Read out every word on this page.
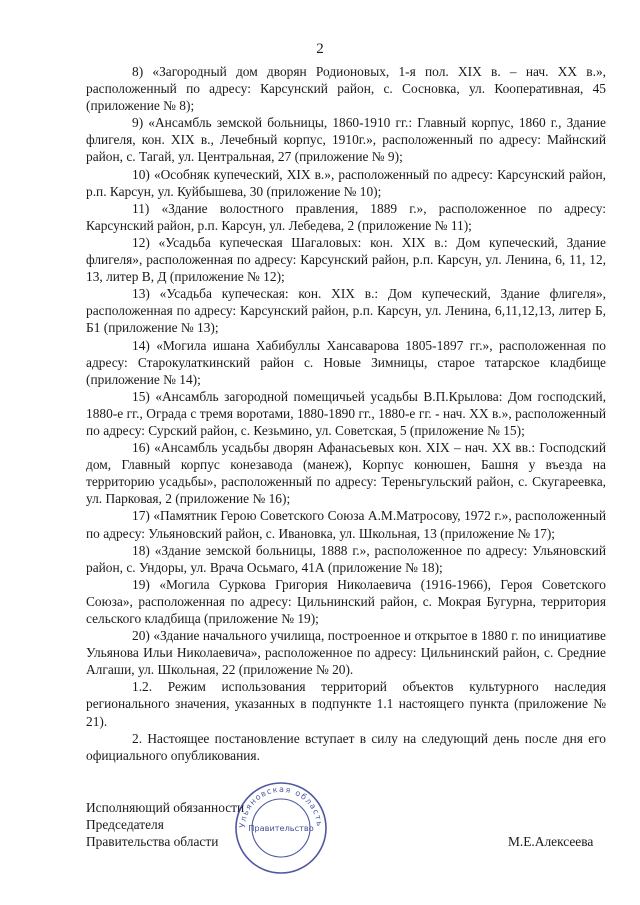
2

8) «Загородный дом дворян Родионовых, 1-я пол. XIX в. – нач. XX в.», расположенный по адресу: Карсунский район, с. Сосновка, ул. Кооперативная, 45 (приложение № 8);

9) «Ансамбль земской больницы, 1860-1910 гг.: Главный корпус, 1860 г., Здание флигеля, кон. XIX в., Лечебный корпус, 1910г.», расположенный по адресу: Майнский район, с. Тагай, ул. Центральная, 27 (приложение № 9);

10) «Особняк купеческий, XIX в.», расположенный по адресу: Карсунский район, р.п. Карсун, ул. Куйбышева, 30 (приложение № 10);

11) «Здание волостного правления, 1889 г.», расположенное по адресу: Карсунский район, р.п. Карсун, ул. Лебедева, 2 (приложение № 11);

12) «Усадьба купеческая Шагаловых: кон. XIX в.: Дом купеческий, Здание флигеля», расположенная по адресу: Карсунский район, р.п. Карсун, ул. Ленина, 6, 11, 12, 13, литер В, Д (приложение № 12);

13) «Усадьба купеческая: кон. XIX в.: Дом купеческий, Здание флигеля», расположенная по адресу: Карсунский район, р.п. Карсун, ул. Ленина, 6,11,12,13, литер Б, Б1 (приложение № 13);

14) «Могила ишана Хабибуллы Хансаварова 1805-1897 гг.», расположенная по адресу: Старокулаткинский район с. Новые Зимницы, старое татарское кладбище (приложение № 14);

15) «Ансамбль загородной помещичьей усадьбы В.П.Крылова: Дом господский, 1880-е гг., Ограда с тремя воротами, 1880-1890 гг., 1880-е гг. - нач. XX в.», расположенный по адресу: Сурский район, с. Кезьмино, ул. Советская, 5 (приложение № 15);

16) «Ансамбль усадьбы дворян Афанасьевых кон. XIX – нач. XX вв.: Господский дом, Главный корпус конезавода (манеж), Корпус конюшен, Башня у въезда на территорию усадьбы», расположенный по адресу: Тереньгульский район, с. Скугареевка, ул. Парковая, 2 (приложение № 16);

17) «Памятник Герою Советского Союза А.М.Матросову, 1972 г.», расположенный по адресу: Ульяновский район, с. Ивановка, ул. Школьная, 13 (приложение № 17);

18) «Здание земской больницы, 1888 г.», расположенное по адресу: Ульяновский район, с. Ундоры, ул. Врача Осьмаго, 41А (приложение № 18);

19) «Могила Суркова Григория Николаевича (1916-1966), Героя Советского Союза», расположенная по адресу: Цильнинский район, с. Мокрая Бугурна, территория сельского кладбища (приложение № 19);

20) «Здание начального училища, построенное и открытое в 1880 г. по инициативе Ульянова Ильи Николаевича», расположенное по адресу: Цильнинский район, с. Средние Алгаши, ул. Школьная, 22 (приложение № 20).

1.2. Режим использования территорий объектов культурного наследия регионального значения, указанных в подпункте 1.1 настоящего пункта (приложение № 21).

2. Настоящее постановление вступает в силу на следующий день после дня его официального опубликования.

Исполняющий обязанности
Председателя
Правительства области	М.Е.Алексеева
Ульяновская область
Правительство
